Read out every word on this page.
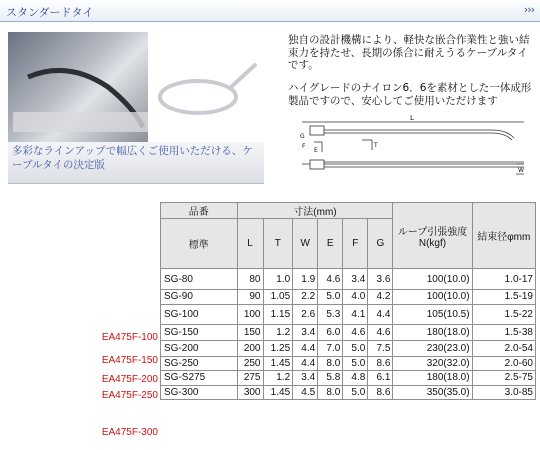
スタンダードタイ	›››
多彩なラインアップで幅広くご使用いただける、ケーブルタイの決定版
独自の設計機構により、軽快な嵌合作業性と強い結束力を持たせ、長期の係合に耐えうるケーブルタイです。
ハイグレードのナイロン6．6を素材とした一体成形製品ですので、安心してご使用いただけます
L
E
F	T
G
W
EA475F-100
EA475F-150
EA475F-200
EA475F-250
EA475F-300
品番	寸法(mm)						ループ引張強度N(kgf)	結束径φmm
標準	L	T	W	E	F	G		
SG-80	80	1.0	1.9	4.6	3.4	3.6	100(10.0)	1.0-17
SG-90	90	1.05	2.2	5.0	4.0	4.2	100(10.0)	1.5-19
SG-100	100	1.15	2.6	5.3	4.1	4.4	105(10.5)	1.5-22
SG-150	150	1.2	3.4	6.0	4.6	4.6	180(18.0)	1.5-38
SG-200	200	1.25	4.4	7.0	5.0	7.5	230(23.0)	2.0-54
SG-250	250	1.45	4.4	8.0	5.0	8.6	320(32.0)	2.0-60
SG-S275	275	1.2	3.4	5.8	4.8	6.1	180(18.0)	2.5-75
SG-300	300	1.45	4.5	8.0	5.0	8.6	350(35.0)	3.0-85
